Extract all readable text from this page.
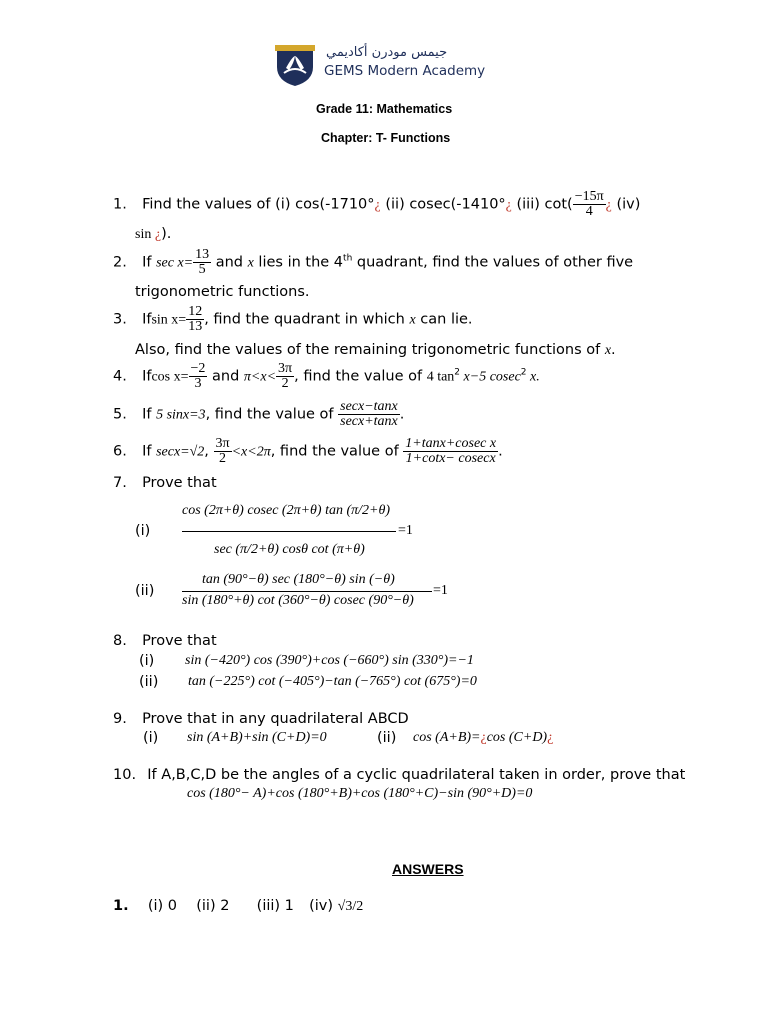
جيمس مودرن أكاديمي
GEMS Modern Academy
Grade 11: Mathematics
Chapter: T- Functions
1. Find the values of (i) cos(-1710°¿ (ii) cosec(-1410°¿ (iii) $\cot( \frac{-15\pi}{4}$ ¿ (iv)
sin ¿).
2. If $\sec x= \frac{13}{5}$ and x lies in the 4th quadrant, find the values of other five
trigonometric functions.
3. Ifsin $x= \frac{12}{13}$ , find the quadrant in which x can lie.
Also, find the values of the remaining trigonometric functions of x.
4. Ifcos $x= \frac{-2}{3}$ and $\pi<x< \frac{3\pi}{2}$ , find the value of 4 $\tan^2 x-5$ cosec$^2$ x.
5. If 5 sinx=3, find the value of $\frac{\sec x-\tan x}{\sec x+\tan x}$ .
6. If secx=√2, $\frac{3\pi}{2} <x<2\pi$, find the value of $\frac{\text{1+tanx+cosec x}}{1+\cot x- cosecx}$ .
7. Prove that
(i)
cos (2π+θ) cosec (2π+θ) tan (π/2+θ)
sec (π/2+θ) cosθ cot (π+θ)
=1
(ii)
tan (90°−θ) sec (180°−θ) sin (−θ)
sin (180°+θ) cot (360°−θ) cosec (90°−θ)
=1
8. Prove that
(i) sin (−420°) cos (390°)+cos (−660°) sin (330°)=−1
(ii) tan (−225°) cot (−405°)−tan (−765°) cot (675°)=0
9. Prove that in any quadrilateral ABCD
(i) sin (A+B)+sin (C+D)=0	(ii) cos (A+B)=¿cos (C+D)¿
10. If A,B,C,D be the angles of a cyclic quadrilateral taken in order, prove that
cos (180°− A)+cos (180°+B)+cos (180°+C)−sin (90°+D)=0
ANSWERS
1. (i) 0 (ii) 2 (iii) 1 (iv) √3/2
